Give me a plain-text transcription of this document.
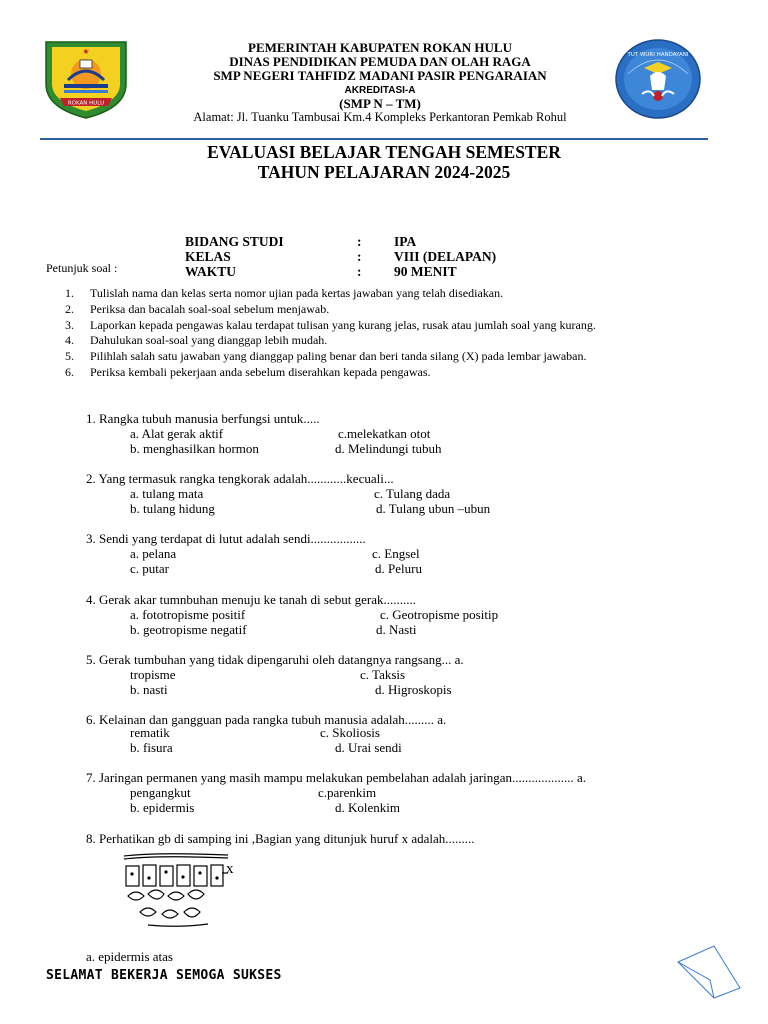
ROKAN HULU
★	TUT WURI HANDAYANI
PEMERINTAH KABUPATEN ROKAN HULU
DINAS PENDIDIKAN PEMUDA DAN OLAH RAGA
SMP NEGERI TAHFIDZ MADANI PASIR PENGARAIAN
AKREDITASI-A
(SMP N – TM)
Alamat: Jl. Tuanku Tambusai Km.4 Kompleks Perkantoran Pemkab Rohul
EVALUASI BELAJAR TENGAH SEMESTER
TAHUN PELAJARAN 2024-2025
BIDANG STUDI	: IPA
KELAS	: VIII (DELAPAN)
WAKTU	: 90 MENIT
Petunjuk soal :
1. Tulislah nama dan kelas serta nomor ujian pada kertas jawaban yang telah disediakan.
2. Periksa dan bacalah soal-soal sebelum menjawab.
3. Laporkan kepada pengawas kalau terdapat tulisan yang kurang jelas, rusak atau jumlah soal yang kurang.
4. Dahulukan soal-soal yang dianggap lebih mudah.
5. Pilihlah salah satu jawaban yang dianggap paling benar dan beri tanda silang (X) pada lembar jawaban.
6. Periksa kembali pekerjaan anda sebelum diserahkan kepada pengawas.
1. Rangka tubuh manusia berfungsi untuk.....
a. Alat gerak aktif	c.melekatkan otot
b. menghasilkan hormon	d. Melindungi tubuh
2. Yang termasuk rangka tengkorak adalah............kecuali...
a. tulang mata	c. Tulang dada
b. tulang hidung	d. Tulang ubun –ubun
3. Sendi yang terdapat di lutut adalah sendi.................
a. pelana	c. Engsel
c. putar	d. Peluru
4. Gerak akar tumnbuhan menuju ke tanah di sebut gerak..........
a. fototropisme positif	c. Geotropisme positip
b. geotropisme negatif	d. Nasti
5. Gerak tumbuhan yang tidak dipengaruhi oleh datangnya rangsang... a.
tropisme	c. Taksis
b. nasti	d. Higroskopis
6. Kelainan dan gangguan pada rangka tubuh manusia adalah......... a.
rematik	c. Skoliosis
b. fisura	d. Urai sendi
7. Jaringan permanen yang masih mampu melakukan pembelahan adalah jaringan................... a.
pengangkut	c.parenkim
b. epidermis	d. Kolenkim
8. Perhatikan gb di samping ini ,Bagian yang ditunjuk huruf x adalah.........
x
a. epidermis atas
SELAMAT BEKERJA SEMOGA SUKSES
